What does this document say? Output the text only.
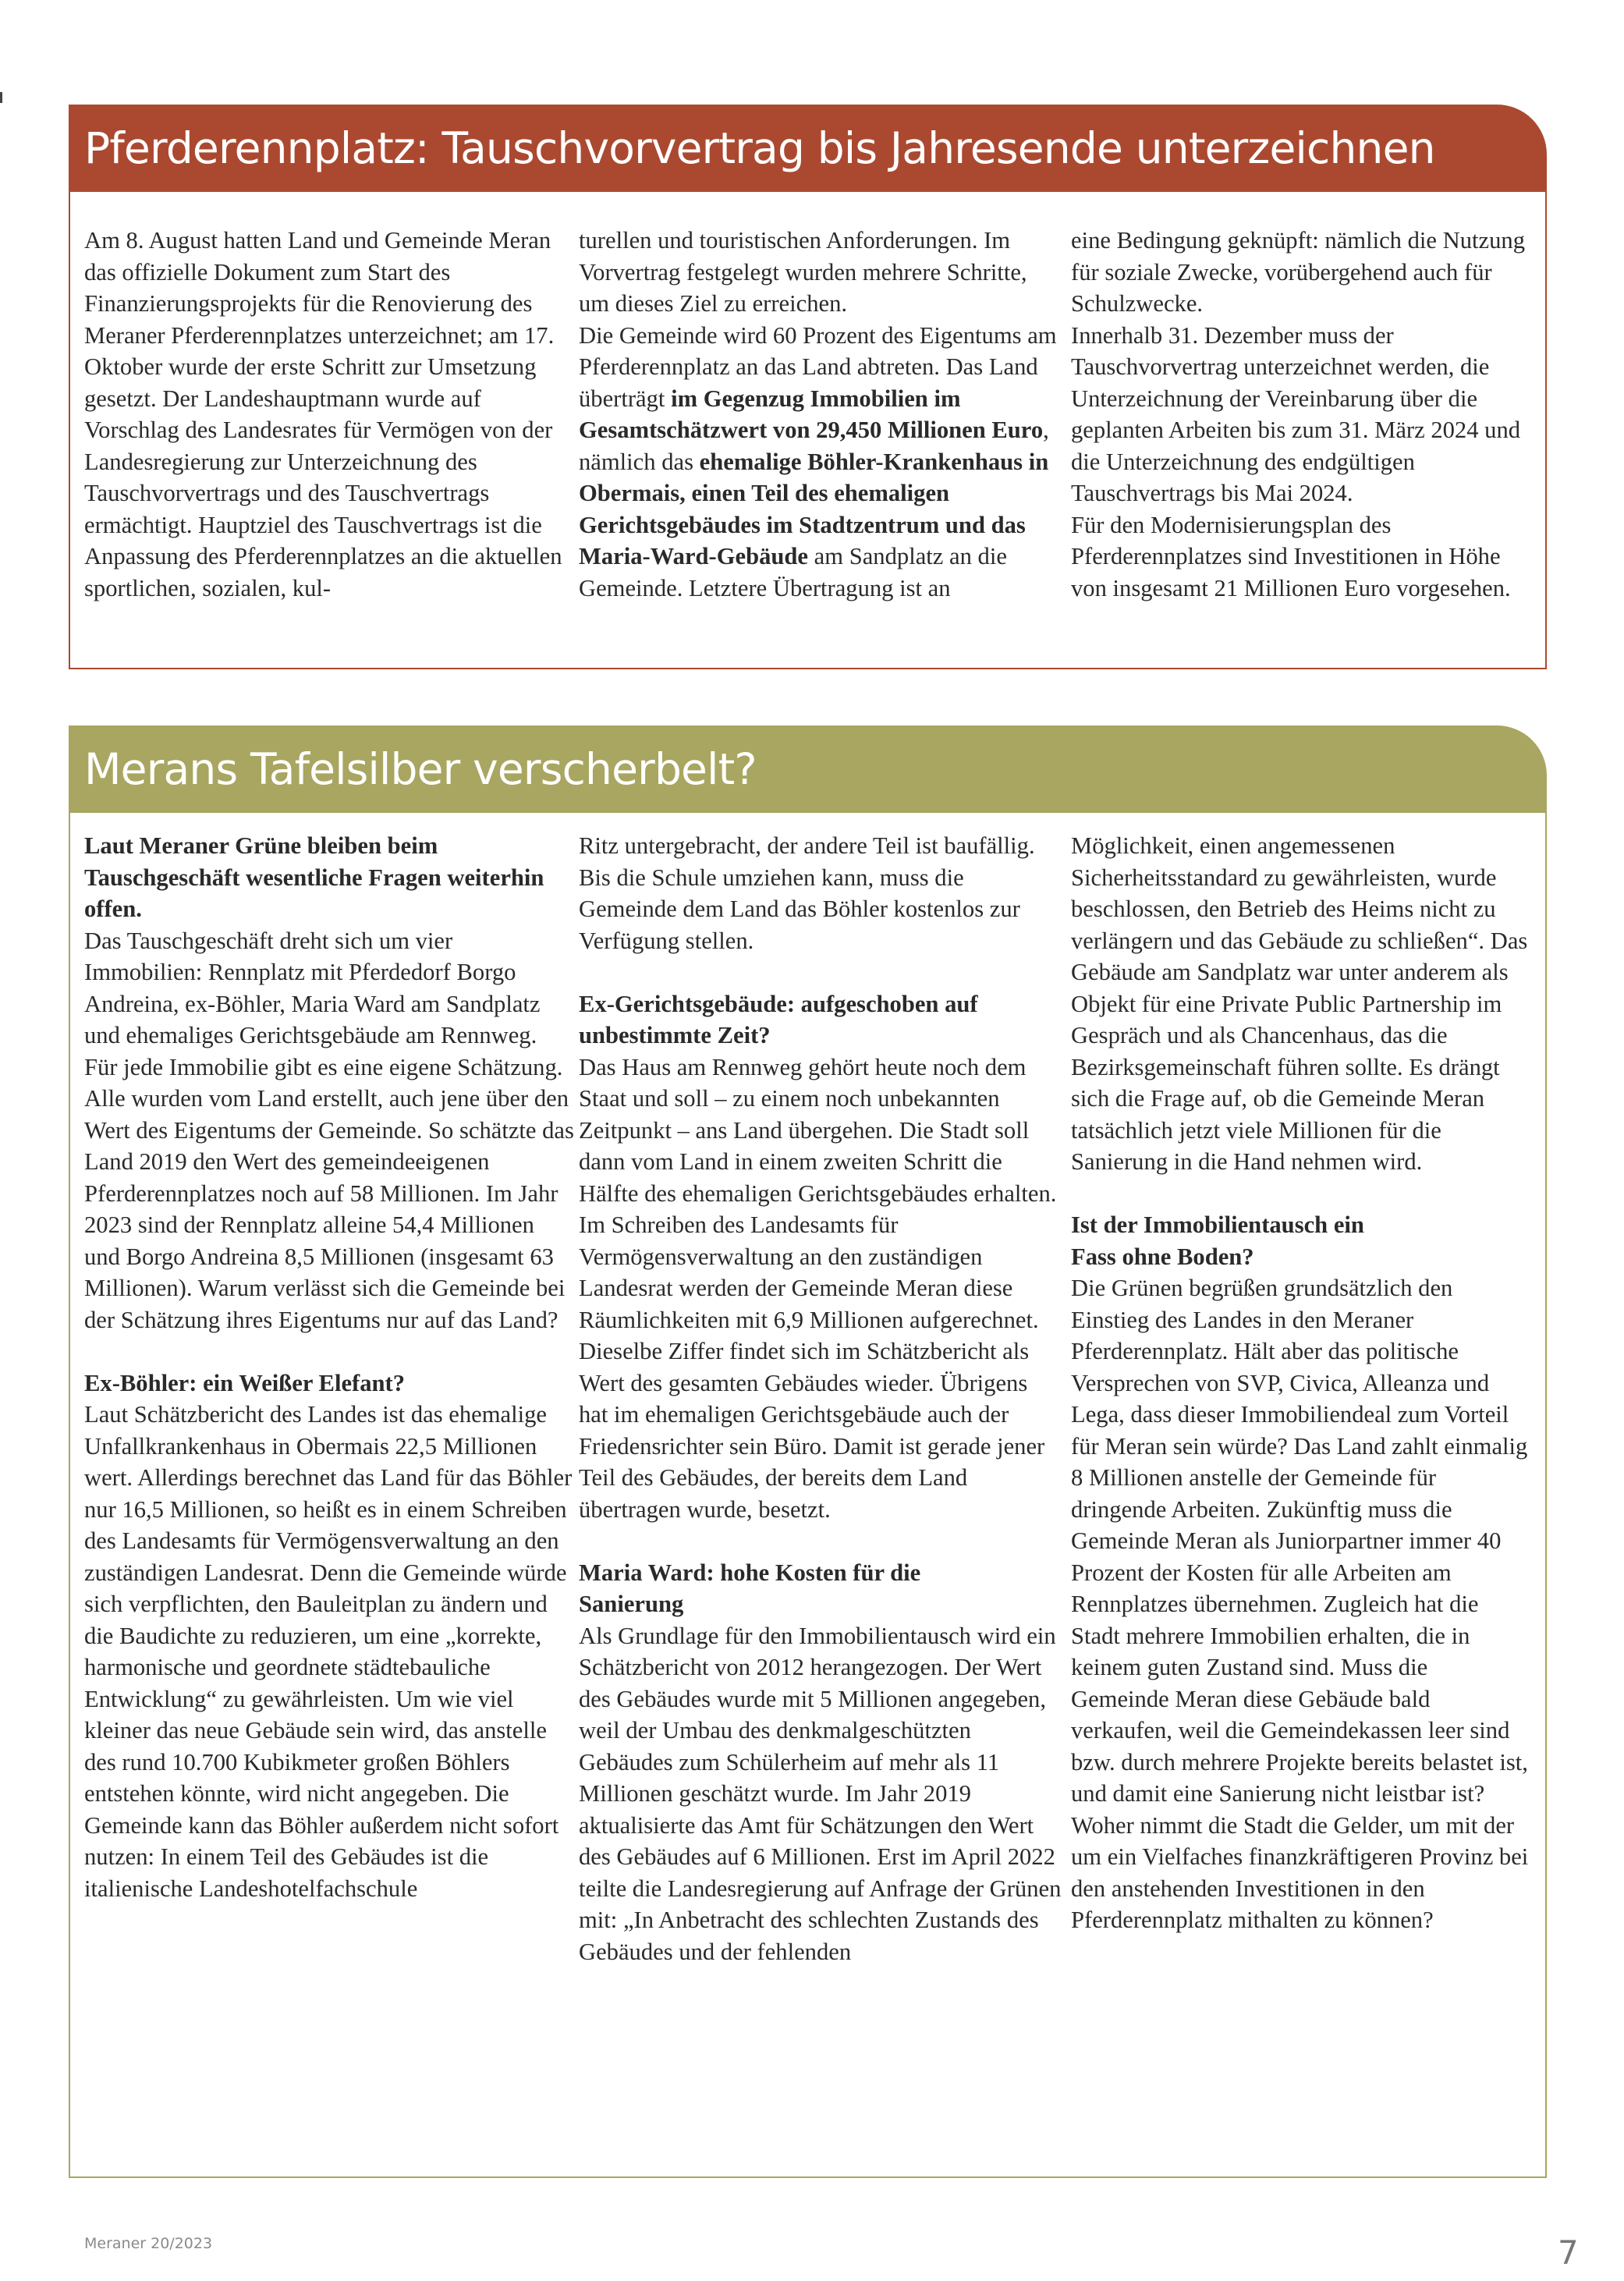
Pferderennplatz: Tauschvorvertrag bis Jahresende unterzeichnen

Am 8. August hatten Land und Gemeinde Meran das offizielle Dokument zum Start des Finanzierungsprojekts für die Renovierung des Meraner Pferderennplatzes unterzeichnet; am 17. Oktober wurde der erste Schritt zur Umsetzung gesetzt. Der Landeshauptmann wurde auf Vorschlag des Landesrates für Vermögen von der Landesregierung zur Unterzeichnung des Tauschvorvertrags und des Tauschvertrags ermächtigt. Hauptziel des Tauschvertrags ist die Anpassung des Pferderennplatzes an die aktuellen sportlichen, sozialen, kul-

turellen und touristischen Anforderungen. Im Vorvertrag festgelegt wurden mehrere Schritte, um dieses Ziel zu erreichen.

Die Gemeinde wird 60 Prozent des Eigentums am Pferderennplatz an das Land abtreten. Das Land überträgt im Gegenzug Immobilien im Gesamtschätzwert von 29,450 Millionen Euro, nämlich das ehemalige Böhler-Krankenhaus in Obermais, einen Teil des ehemaligen Gerichtsgebäudes im Stadtzentrum und das Maria-Ward-Gebäude am Sandplatz an die Gemeinde. Letztere Übertragung ist an

eine Bedingung geknüpft: nämlich die Nutzung für soziale Zwecke, vorübergehend auch für Schulzwecke.

Innerhalb 31. Dezember muss der Tauschvorvertrag unterzeichnet werden, die Unterzeichnung der Vereinbarung über die geplanten Arbeiten bis zum 31. März 2024 und die Unterzeichnung des endgültigen Tauschvertrags bis Mai 2024.

Für den Modernisierungsplan des Pferderennplatzes sind Investitionen in Höhe von insgesamt 21 Millionen Euro vorgesehen.

Merans Tafelsilber verscherbelt?

Laut Meraner Grüne bleiben beim Tauschgeschäft wesentliche Fragen weiterhin offen.

Das Tauschgeschäft dreht sich um vier Immobilien: Rennplatz mit Pferdedorf Borgo Andreina, ex-Böhler, Maria Ward am Sandplatz und ehemaliges Gerichtsgebäude am Rennweg. Für jede Immobilie gibt es eine eigene Schätzung. Alle wurden vom Land erstellt, auch jene über den Wert des Eigentums der Gemeinde. So schätzte das Land 2019 den Wert des gemeindeeigenen Pferderennplatzes noch auf 58 Millionen. Im Jahr 2023 sind der Rennplatz alleine 54,4 Millionen und Borgo Andreina 8,5 Millionen (insgesamt 63 Millionen). Warum verlässt sich die Gemeinde bei der Schätzung ihres Eigentums nur auf das Land?

Ex-Böhler: ein Weißer Elefant?

Laut Schätzbericht des Landes ist das ehemalige Unfallkrankenhaus in Obermais 22,5 Millionen wert. Allerdings berechnet das Land für das Böhler nur 16,5 Millionen, so heißt es in einem Schreiben des Landesamts für Vermögensverwaltung an den zuständigen Landesrat. Denn die Gemeinde würde sich verpflichten, den Bauleitplan zu ändern und die Baudichte zu reduzieren, um eine „korrekte, harmonische und geordnete städtebauliche Entwicklung“ zu gewährleisten. Um wie viel kleiner das neue Gebäude sein wird, das anstelle des rund 10.700 Kubikmeter großen Böhlers entstehen könnte, wird nicht angegeben. Die Gemeinde kann das Böhler außerdem nicht sofort nutzen: In einem Teil des Gebäudes ist die italienische Landeshotelfachschule

Ritz untergebracht, der andere Teil ist baufällig. Bis die Schule umziehen kann, muss die Gemeinde dem Land das Böhler kostenlos zur Verfügung stellen.

Ex-Gerichtsgebäude: aufgeschoben auf unbestimmte Zeit?

Das Haus am Rennweg gehört heute noch dem Staat und soll – zu einem noch unbekannten Zeitpunkt – ans Land übergehen. Die Stadt soll dann vom Land in einem zweiten Schritt die Hälfte des ehemaligen Gerichtsgebäudes erhalten. Im Schreiben des Landesamts für Vermögensverwaltung an den zuständigen Landesrat werden der Gemeinde Meran diese Räumlichkeiten mit 6,9 Millionen aufgerechnet. Dieselbe Ziffer findet sich im Schätzbericht als Wert des gesamten Gebäudes wieder. Übrigens hat im ehemaligen Gerichtsgebäude auch der Friedensrichter sein Büro. Damit ist gerade jener Teil des Gebäudes, der bereits dem Land übertragen wurde, besetzt.

Maria Ward: hohe Kosten für die Sanierung

Als Grundlage für den Immobilientausch wird ein Schätzbericht von 2012 herangezogen. Der Wert des Gebäudes wurde mit 5 Millionen angegeben, weil der Umbau des denkmalgeschützten Gebäudes zum Schülerheim auf mehr als 11 Millionen geschätzt wurde. Im Jahr 2019 aktualisierte das Amt für Schätzungen den Wert des Gebäudes auf 6 Millionen. Erst im April 2022 teilte die Landesregierung auf Anfrage der Grünen mit: „In Anbetracht des schlechten Zustands des Gebäudes und der fehlenden

Möglichkeit, einen angemessenen Sicherheitsstandard zu gewährleisten, wurde beschlossen, den Betrieb des Heims nicht zu verlängern und das Gebäude zu schließen“. Das Gebäude am Sandplatz war unter anderem als Objekt für eine Private Public Partnership im Gespräch und als Chancenhaus, das die Bezirksgemeinschaft führen sollte. Es drängt sich die Frage auf, ob die Gemeinde Meran tatsächlich jetzt viele Millionen für die Sanierung in die Hand nehmen wird.

Ist der Immobilientausch ein Fass ohne Boden?

Die Grünen begrüßen grundsätzlich den Einstieg des Landes in den Meraner Pferderennplatz. Hält aber das politische Versprechen von SVP, Civica, Alleanza und Lega, dass dieser Immobiliendeal zum Vorteil für Meran sein würde? Das Land zahlt einmalig 8 Millionen anstelle der Gemeinde für dringende Arbeiten. Zukünftig muss die Gemeinde Meran als Juniorpartner immer 40 Prozent der Kosten für alle Arbeiten am Rennplatzes übernehmen. Zugleich hat die Stadt mehrere Immobilien erhalten, die in keinem guten Zustand sind. Muss die Gemeinde Meran diese Gebäude bald verkaufen, weil die Gemeindekassen leer sind bzw. durch mehrere Projekte bereits belastet ist, und damit eine Sanierung nicht leistbar ist? Woher nimmt die Stadt die Gelder, um mit der um ein Vielfaches finanzkräftigeren Provinz bei den anstehenden Investitionen in den Pferderennplatz mithalten zu können?

Meraner 20/2023	7
